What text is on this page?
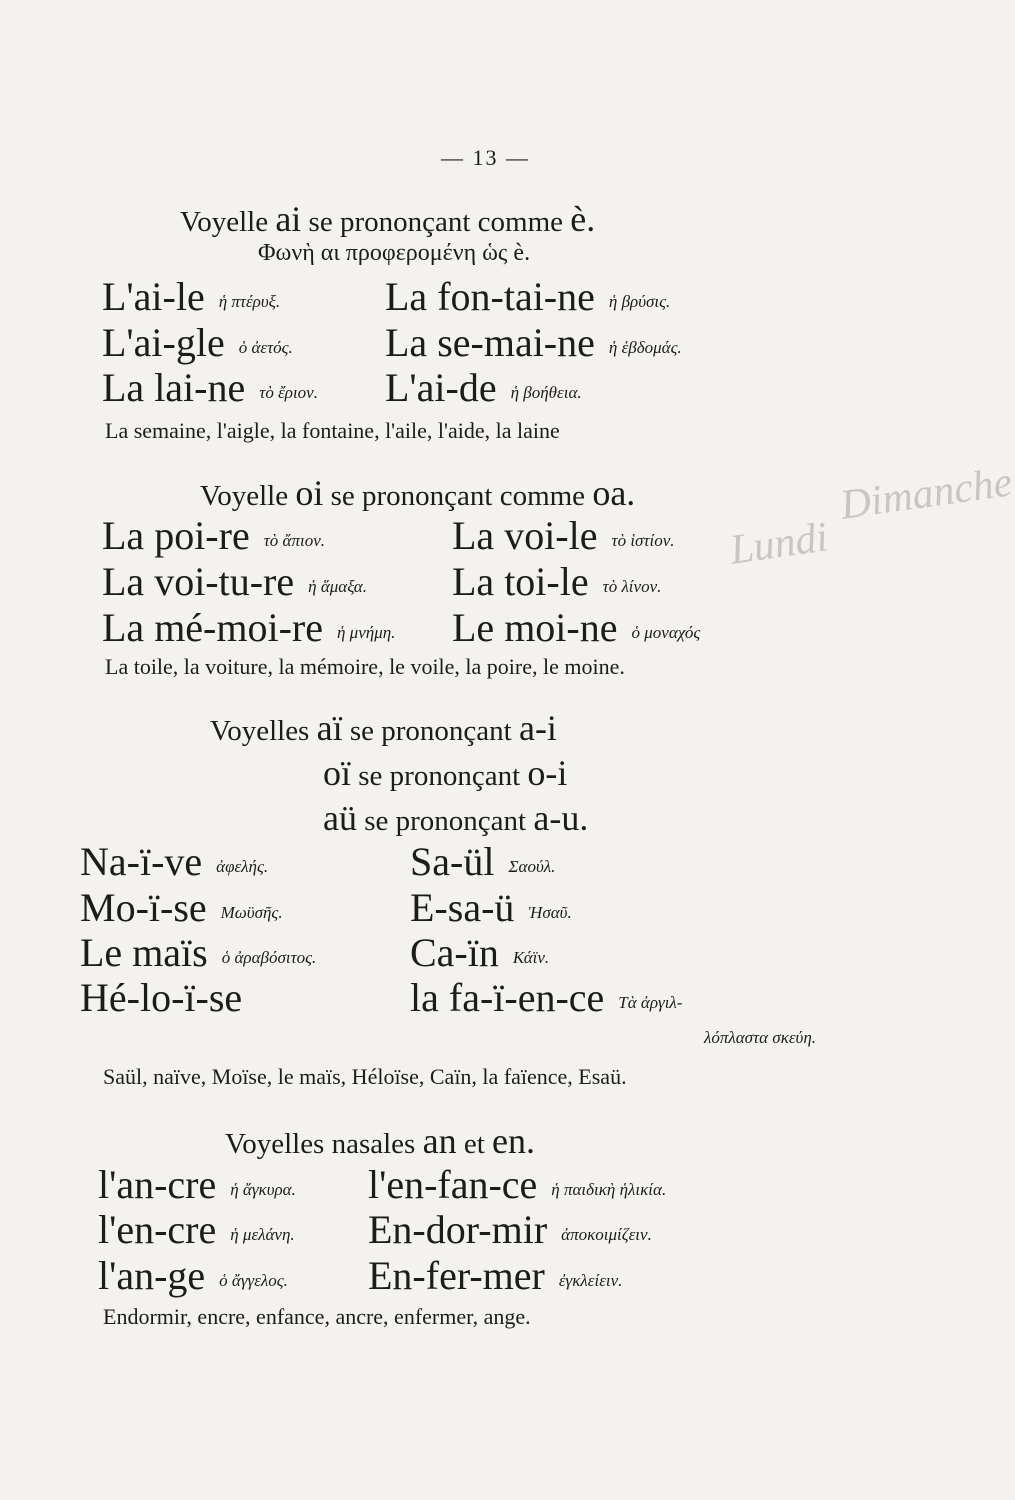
Dimanche
Lundi
— 13 —
Voyelle ai se prononçant comme è.
Φωνὴ αι προφερομένη ὡς è.
L'ai-le ἡ πτέρυξ.
L'ai-gle ὁ ἀετός.
La lai-ne τὸ ἔριον.
La fon-tai-ne ἡ βρύσις.
La se-mai-ne ἡ ἑβδομάς.
L'ai-de ἡ βοήθεια.
La semaine, l'aigle, la fontaine, l'aile, l'aide, la laine
Voyelle oi se prononçant comme oa.
La poi-re τὸ ἄπιον.
La voi-tu-re ἡ ἅμαξα.
La mé-moi-re ἡ μνήμη.
La voi-le τὸ ἱστίον.
La toi-le τὸ λίνον.
Le moi-ne ὁ μοναχός
La toile, la voiture, la mémoire, le voile, la poire, le moine.
Voyelles aï se prononçant a-i
oï se prononçant o-i
aü se prononçant a-u.
Na-ï-ve ἀφελής.
Mo-ï-se Μωϋσῆς.
Le maïs ὁ ἀραβόσιτος.
Hé-lo-ï-se
Sa-ül Σαούλ.
E-sa-ü Ἡσαῦ.
Ca-ïn Κάϊν.
la fa-ï-en-ce Τὰ ἀργιλ-
λόπλαστα σκεύη.
Saül, naïve, Moïse, le maïs, Héloïse, Caïn, la faïence, Esaü.
Voyelles nasales an et en.
l'an-cre ἡ ἄγκυρα.
l'en-cre ἡ μελάνη.
l'an-ge ὁ ἄγγελος.
l'en-fan-ce ἡ παιδικὴ ἡλικία.
En-dor-mir ἀποκοιμίζειν.
En-fer-mer ἐγκλείειν.
Endormir, encre, enfance, ancre, enfermer, ange.
